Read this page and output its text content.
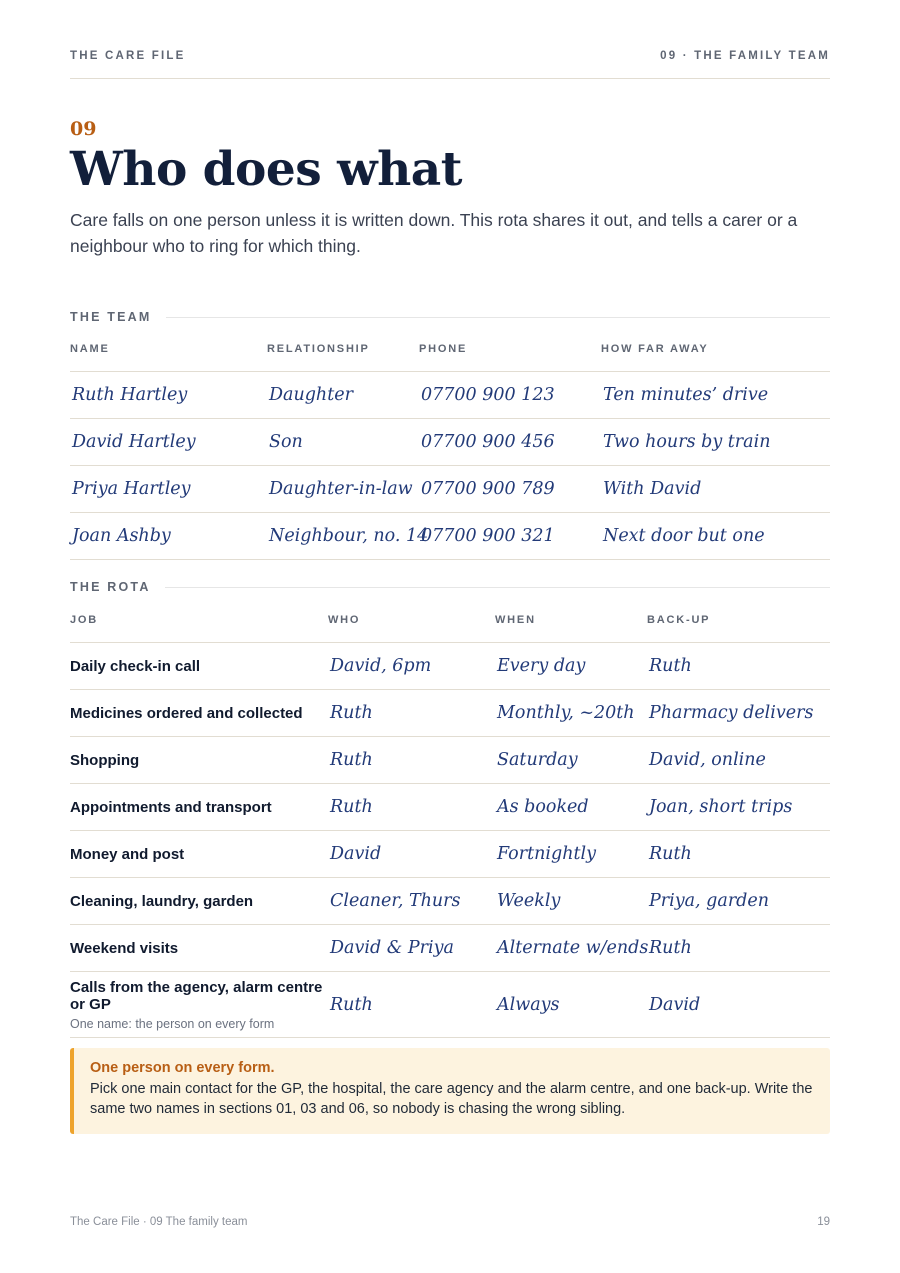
THE CARE FILE	09 · THE FAMILY TEAM
09
Who does what

Care falls on one person unless it is written down. This rota shares it out, and tells a carer or a neighbour who to ring for which thing.

THE TEAM
NAME	RELATIONSHIP	PHONE	HOW FAR AWAY
Ruth Hartley	Daughter	07700 900 123	Ten minutes’ drive
David Hartley	Son	07700 900 456	Two hours by train
Priya Hartley	Daughter-in-law	07700 900 789	With David
Joan Ashby	Neighbour, no. 14	07700 900 321	Next door but one
THE ROTA
JOB	WHO	WHEN	BACK-UP
Daily check-in call	David, 6pm	Every day	Ruth
Medicines ordered and collected	Ruth	Monthly, ~20th	Pharmacy delivers
Shopping	Ruth	Saturday	David, online
Appointments and transport	Ruth	As booked	Joan, short trips
Money and post	David	Fortnightly	Ruth
Cleaning, laundry, garden	Cleaner, Thurs	Weekly	Priya, garden
Weekend visits	David & Priya	Alternate w/ends	Ruth

Calls from the agency, alarm centre or GP
One name: the person on every form	Ruth	Always	David
One person on every form.
Pick one main contact for the GP, the hospital, the care agency and the alarm centre, and one back-up. Write the same two names in sections 01, 03 and 06, so nobody is chasing the wrong sibling.
The Care File · 09 The family team	19
